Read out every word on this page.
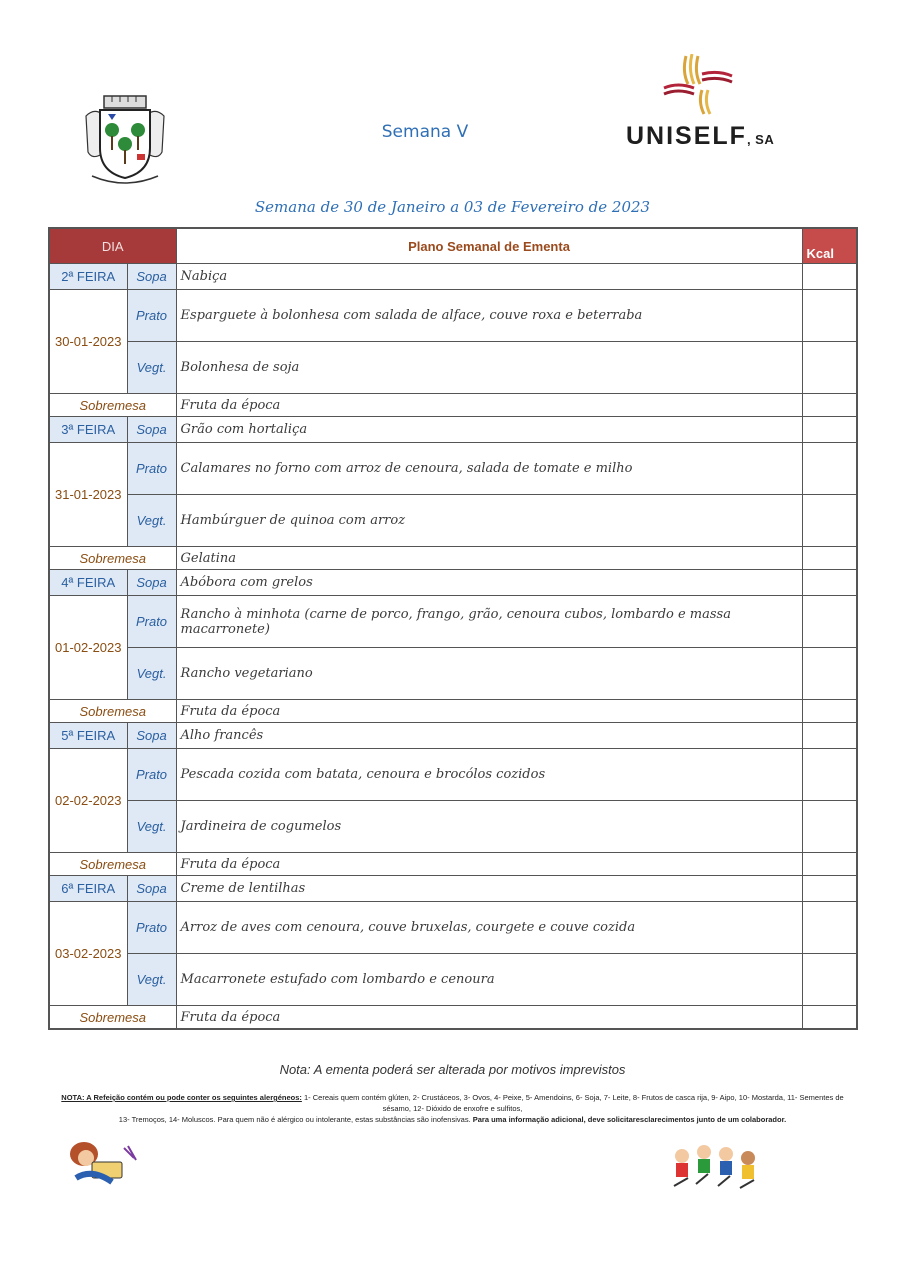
Semana V	UNISELF, SA
Semana de 30 de Janeiro a 03 de Fevereiro de 2023
DIA		Plano Semanal de Ementa	Kcal
2ª FEIRA	Sopa	Nabiça	
30-01-2023	Prato	Esparguete à bolonhesa com salada de alface, couve roxa e beterraba	
	Vegt.	Bolonhesa de soja	
Sobremesa		Fruta da época	
3ª FEIRA	Sopa	Grão com hortaliça	
31-01-2023	Prato	Calamares no forno com arroz de cenoura, salada de tomate e milho	
	Vegt.	Hambúrguer de quinoa com arroz	
Sobremesa		Gelatina	
4ª FEIRA	Sopa	Abóbora com grelos	
01-02-2023	Prato	Rancho à minhota (carne de porco, frango, grão, cenoura cubos, lombardo e massa macarronete)	
	Vegt.	Rancho vegetariano	
Sobremesa		Fruta da época	
5ª FEIRA	Sopa	Alho francês	
02-02-2023	Prato	Pescada cozida com batata, cenoura e brocólos cozidos	
	Vegt.	Jardineira de cogumelos	
Sobremesa		Fruta da época	
6ª FEIRA	Sopa	Creme de lentilhas	
03-02-2023	Prato	Arroz de aves com cenoura, couve bruxelas, courgete e couve cozida	
	Vegt.	Macarronete estufado com lombardo e cenoura	
Sobremesa		Fruta da época	
Nota: A ementa poderá ser alterada por motivos imprevistos
NOTA: A Refeição contém ou pode conter os seguintes alergéneos: 1- Cereais quem contém glúten, 2- Crustáceos, 3- Ovos, 4- Peixe, 5- Amendoins, 6- Soja, 7- Leite, 8- Frutos de casca rija, 9- Aipo, 10- Mostarda, 11- Sementes de sésamo, 12- Dióxido de enxofre e sulfitos,
13- Tremoços, 14- Moluscos. Para quem não é alérgico ou intolerante, estas substâncias são inofensivas. Para uma informação adicional, deve solicitaresclarecimentos junto de um colaborador.
